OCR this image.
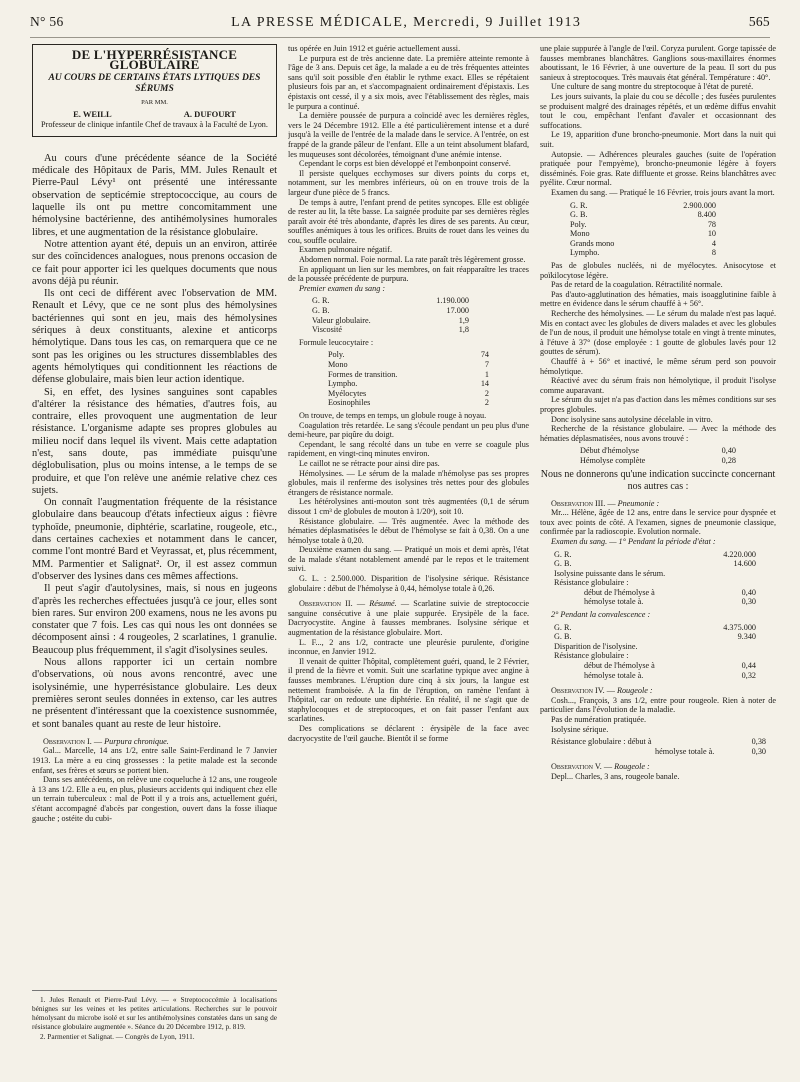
N° 56	LA PRESSE MÉDICALE, Mercredi, 9 Juillet 1913	565
DE L'HYPERRÉSISTANCE GLOBULAIRE
AU COURS DE CERTAINS ÉTATS LYTIQUES DES SÉRUMS
PAR MM.
E. WEILL	A. DUFOURT
Professeur de clinique infantile Chef de travaux à la Faculté de Lyon.

Au cours d'une précédente séance de la Société médicale des Hôpitaux de Paris, MM. Jules Renault et Pierre-Paul Lévy¹ ont présenté une intéressante observation de septicémie streptococcique, au cours de laquelle ils ont pu mettre concomitamment une hémolysine bactérienne, des antihémolysines humorales libres, et une augmentation de la résistance globulaire.

Notre attention ayant été, depuis un an environ, attirée sur des coïncidences analogues, nous prenons occasion de ce fait pour apporter ici les quelques documents que nous avons déjà pu réunir.

Ils ont ceci de différent avec l'observation de MM. Renault et Lévy, que ce ne sont plus des hémolysines bactériennes qui sont en jeu, mais des hémolysines sériques à deux constituants, alexine et anticorps hémolytique. Dans tous les cas, on remarquera que ce ne sont pas les origines ou les structures dissemblables des agents hémolytiques qui conditionnent les réactions de défense globulaire, mais bien leur action identique.

Si, en effet, des lysines sanguines sont capables d'altérer la résistance des hématies, d'autres fois, au contraire, elles provoquent une augmentation de leur résistance. L'organisme adapte ses propres globules au milieu nocif dans lequel ils vivent. Mais cette adaptation n'est, sans doute, pas immédiate puisqu'une déglobulisation, plus ou moins intense, a le temps de se produire, et que l'on relève une anémie relative chez ces sujets.

On connaît l'augmentation fréquente de la résistance globulaire dans beaucoup d'états infectieux aigus : fièvre typhoïde, pneumonie, diphtérie, scarlatine, rougeole, etc., dans certaines cachexies et notamment dans le cancer, comme l'ont montré Bard et Veyrassat, et, plus récemment, MM. Parmentier et Salignat². Or, il est assez commun d'observer des lysines dans ces mêmes affections.

Il peut s'agir d'autolysines, mais, si nous en jugeons d'après les recherches effectuées jusqu'à ce jour, elles sont bien rares. Sur environ 200 examens, nous ne les avons pu constater que 7 fois. Les cas qui nous les ont données se décomposent ainsi : 4 rougeoles, 2 scarlatines, 1 granulie. Beaucoup plus fréquemment, il s'agit d'isolysines seules.

Nous allons rapporter ici un certain nombre d'observations, où nous avons rencontré, avec une isolysinémie, une hyperrésistance globulaire. Les deux premières seront seules données in extenso, car les autres ne présentent d'intéressant que la coexistence susnommée, et sont banales quant au reste de leur histoire.

Observation I. — Purpura chronique.

Gal... Marcelle, 14 ans 1/2, entre salle Saint-Ferdinand le 7 Janvier 1913. La mère a eu cinq grossesses : la petite malade est la seconde enfant, ses frères et sœurs se portent bien.

Dans ses antécédents, on relève une coqueluche à 12 ans, une rougeole à 13 ans 1/2. Elle a eu, en plus, plusieurs accidents qui indiquent chez elle un terrain tuberculeux : mal de Pott il y a trois ans, actuellement guéri, s'étant accompagné d'abcès par congestion, ouvert dans la fosse iliaque gauche ; ostéite du cubi-

1. Jules Renault et Pierre-Paul Lévy. — « Streptococcémie à localisations bénignes sur les veines et les petites articulations. Recherches sur le pouvoir hémolysant du microbe isolé et sur les antihémolysines constatées dans un sang de résistance globulaire augmentée ». Séance du 20 Décembre 1912, p. 819.

2. Parmentier et Salignat. — Congrès de Lyon, 1911.

tus opérée en Juin 1912 et guérie actuellement aussi.

Le purpura est de très ancienne date. La première atteinte remonte à l'âge de 3 ans. Depuis cet âge, la malade a eu de très fréquentes atteintes sans qu'il soit possible d'en établir le rythme exact. Elles se répétaient plusieurs fois par an, et s'accompagnaient ordinairement d'épistaxis. Les épistaxis ont cessé, il y a six mois, avec l'établissement des règles, mais le purpura a continué.

La dernière poussée de purpura a coïncidé avec les dernières règles, vers le 24 Décembre 1912. Elle a été particulièrement intense et a duré jusqu'à la veille de l'entrée de la malade dans le service. A l'entrée, on est frappé de la grande pâleur de l'enfant. Elle a un teint absolument blafard, les muqueuses sont décolorées, témoignant d'une anémie intense.

Cependant le corps est bien développé et l'embonpoint conservé.

Il persiste quelques ecchymoses sur divers points du corps et, notamment, sur les membres inférieurs, où on en trouve trois de la largeur d'une pièce de 5 francs.

De temps à autre, l'enfant prend de petites syncopes. Elle est obligée de rester au lit, la tête basse. La saignée produite par ses dernières règles paraît avoir été très abondante, d'après les dires de ses parents. Au cœur, souffles anémiques à tous les orifices. Bruits de rouet dans les veines du cou, souffle oculaire.

Examen pulmonaire négatif.

Abdomen normal. Foie normal. La rate paraît très légèrement grosse.

En appliquant un lien sur les membres, on fait réapparaître les traces de la poussée précédente de purpura.

Premier examen du sang :

G. R.	1.190.000
G. B.	17.000
Valeur globulaire.	1,9
Viscosité	1,8

Formule leucocytaire :

Poly.	74
Mono	7
Formes de transition.	1
Lympho.	14
Myélocytes	2
Eosinophiles	2

On trouve, de temps en temps, un globule rouge à noyau.

Coagulation très retardée. Le sang s'écoule pendant un peu plus d'une demi-heure, par piqûre du doigt.

Cependant, le sang récolté dans un tube en verre se coagule plus rapidement, en vingt-cinq minutes environ.

Le caillot ne se rétracte pour ainsi dire pas.

Hémolysines. — Le sérum de la malade n'hémolyse pas ses propres globules, mais il renferme des isolysines très nettes pour des globules étrangers de résistance normale.

Les hétérolysines anti-mouton sont très augmentées (0,1 de sérum dissout 1 cm³ de globules de mouton à 1/20ᵉ), soit 10.

Résistance globulaire. — Très augmentée. Avec la méthode des hématies déplasmatisées le début de l'hémolyse se fait à 0,38. On a une hémolyse totale à 0,20.

Deuxième examen du sang. — Pratiqué un mois et demi après, l'état de la malade s'étant notablement amendé par le repos et le traitement suivi.

G. L. : 2.500.000. Disparition de l'isolysine sérique. Résistance globulaire : début de l'hémolyse à 0,44, hémolyse totale à 0,26.

Observation II. — Résumé. — Scarlatine suivie de streptococcie sanguine consécutive à une plaie suppurée. Erysipèle de la face. Dacryocystite. Angine à fausses membranes. Isolysine sérique et augmentation de la résistance globulaire. Mort.

L. F..., 2 ans 1/2, contracte une pleurésie purulente, d'origine inconnue, en Janvier 1912.

Il venait de quitter l'hôpital, complètement guéri, quand, le 2 Février, il prend de la fièvre et vomit. Suit une scarlatine typique avec angine à fausses membranes. L'éruption dure cinq à six jours, la langue est nettement framboisée. A la fin de l'éruption, on ramène l'enfant à l'hôpital, car on redoute une diphtérie. En réalité, il ne s'agit que de staphylocoques et de streptocoques, et on fait passer l'enfant aux scarlatines.

Des complications se déclarent : érysipèle de la face avec dacryocystite de l'œil gauche. Bientôt il se forme

une plaie suppurée à l'angle de l'œil. Coryza purulent. Gorge tapissée de fausses membranes blanchâtres. Ganglions sous-maxillaires énormes aboutissant, le 16 Février, à une ouverture de la peau. Il sort du pus sanieux à streptocoques. Très mauvais état général. Température : 40°.

Une culture de sang montre du streptocoque à l'état de pureté.

Les jours suivants, la plaie du cou se décolle ; des fusées purulentes se produisent malgré des drainages répétés, et un œdème diffus envahit tout le cou, empêchant l'enfant d'avaler et occasionnant des suffocations.

Le 19, apparition d'une broncho-pneumonie. Mort dans la nuit qui suit.

Autopsie. — Adhérences pleurales gauches (suite de l'opération pratiquée pour l'empyème), broncho-pneumonie légère à foyers disséminés. Foie gras. Rate diffluente et grosse. Reins blanchâtres avec pyélite. Cœur normal.

Examen du sang. — Pratiqué le 16 Février, trois jours avant la mort.

G. R.	2.900.000
G. B.	8.400
Poly.	78
Mono	10
Grands mono	4
Lympho.	8

Pas de globules nucléés, ni de myélocytes. Anisocytose et poïkilocytose légère.

Pas de retard de la coagulation. Rétractilité normale.

Pas d'auto-agglutination des hématies, mais isoagglutinine faible à mettre en évidence dans le sérum chauffé à + 56°.

Recherche des hémolysines. — Le sérum du malade n'est pas laqué. Mis en contact avec les globules de divers malades et avec les globules de l'un de nous, il produit une hémolyse totale en vingt à trente minutes, à l'étuve à 37° (dose employée : 1 goutte de globules lavés pour 12 gouttes de sérum).

Chauffé à + 56° et inactivé, le même sérum perd son pouvoir hémolytique.

Réactivé avec du sérum frais non hémolytique, il produit l'isolyse comme auparavant.

Le sérum du sujet n'a pas d'action dans les mêmes conditions sur ses propres globules.

Donc isolysine sans autolysine décelable in vitro.

Recherche de la résistance globulaire. — Avec la méthode des hématies déplasmatisées, nous avons trouvé :

Début d'hémolyse	0,40
Hémolyse complète	0,28

Nous ne donnerons qu'une indication succincte concernant nos autres cas :

Observation III. — Pneumonie :

Mr.... Hélène, âgée de 12 ans, entre dans le service pour dyspnée et toux avec points de côté. A l'examen, signes de pneumonie classique, confirmée par la radioscopie. Evolution normale.

Examen du sang. — 1° Pendant la période d'état :

G. R.	4.220.000
G. B.	14.600
Isolysine puissante dans le sérum.
Résistance globulaire :
début de l'hémolyse à	0,40
hémolyse totale à.	0,30

2° Pendant la convalescence :

G. R.	4.375.000
G. B.	9.340
Disparition de l'isolysine.
Résistance globulaire :
début de l'hémolyse à	0,44
hémolyse totale à.	0,32

Observation IV. — Rougeole :

Cosh..., François, 3 ans 1/2, entre pour rougeole. Rien à noter de particulier dans l'évolution de la maladie.

Pas de numération pratiquée.

Isolysine sérique.

Résistance globulaire : début à	0,38
hémolyse totale à.	0,30

Observation V. — Rougeole :

Depl... Charles, 3 ans, rougeole banale.
